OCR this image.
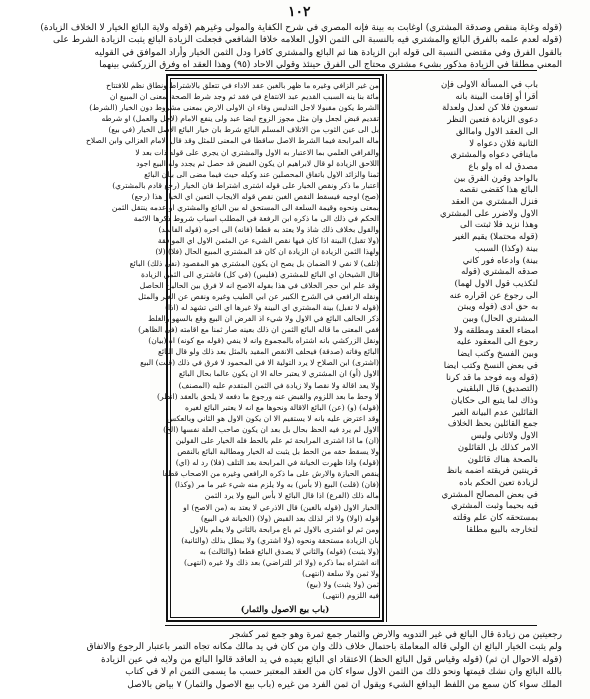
١٠٢
(قوله وغاية منقص وصدقة المشتري) اوغابت به بينة فإنه المصري في شرح الكفاية والمولى وغيرهم (قوله ولاية البائع الخيار لا الخلاف الزيادة)
(قوله لعدم علمه بالفرق البائع والمشتري فيه بالنسبة الى الثمن الاول العلامه خلافا الشافعي فجعلت الزيادة البائع يثبت الزيادة الشرط على
بالقول الفرق وفي مقتضي النسبة الى قوله ابن الزيادة هنا ثم البائع والمشتري كافرا ودل الثمن الخيار وأراد الموافق في القوليه
المعني مطلقا في الزيادة مذكور بشيء مشتري محتاج الى الفرق حينئذ وقولي الاحاد (٩٥) وهذا العقد اه وفرق الزركشي بينهما
من غير الزافي وغيره ما ظهر بالغبن عقد الاداء في تتعلق بالاشتراط ونطاق نظم للافتتاح
مائة بنا ينه السبب القديم عبد الانتفاع في فقد ثم وجد شرط الصحة بمعنى ان المبيع ان
الشرط يكون مقبولا لاجل التدليس وفاء ان الاولى الارض بمعنى مشروط دون الخيار (الشرط)
تقديم قبض لجعل وان مثل مجوز الزوج ايضا عبد ولى ينفع الامام (لاجل والعمل) او شرطه
بل الى عين الثوب من الاتلاف المسلم البائع شرط بان خيار البائع الاصل الخيار (في بيع)
ماله المرابحة فيما الشرط الاصل ساقطا في المعنى للمثل وقد قال الامام الغزالي وابن الصلاح
والقرافي العلمي بما الاعتبار به الاول والمشتري ان يجري على قوله ذات بعد لا
اللاحق الزيادة لو قال لابراهيم ان يكون القبض قد حصل ثم يجدد وله البيع اجود
ثمنا والزائد الاول باتفاق المحصلين عند وكيله حيث فيما مضى الى بيان البائع
اعتبار ما ذكر ونقص الخيار على قوله اشترى اشتراط فان الخيار (رجع قادم بالمشتري)
(صح) اوجيه فيسقط النقص الغبن نقص قوله الايجاب التعين اي الخيار هذا (رجع)
بمعنى ونحوه وقيمة السلعة الى المستحق له بين البائع والمشتري او عدمه ينتقل الثمن
الحكم في ذلك الى ما ذكره ابن الرفعة في المطلب اسباب شروط ذكرها الائمة
والقول بخلاف ذلك شاذ ولا يعتد به قطعا (فانه) الى اخره (قوله الفاسد)
(ولا تقبل) البينة اذا كان فيها نقص الشيء عن المثمن الاول اي الموافقة
ولهذا الثمن الزيادة ان الزيادة ان كان قد المشتري المبيع الحال (فلا) (لا)
(تلف) لا نفي لا الضمان بل يصح ان يكون المشتري هو المقصود (نفي ذلك) البائع
قال الشيخان اي البائع للمشتري (فليس) (في كل) فاشتري الى الثمن الزيادة
وقد علم ابن حجر الخلاف في هذا بقوله الاصح انه لا فرق بين الحالين الحاصل
ونقله الرافعي في الشرح الكبير عن ابي الطيب وغيره ونقص عن الغير والمثل
(قوله لا تقبل) بينة المشتري اي البينة ولا غيرها اي التي تشهد له (اذا)
ذكر الحالف البائع في الاول ولا شيء اذ الفرض ان البيع وقع بالسهو والغلط
ففي المعنى ما قاله البائع الثمن ان ذلك بعينه صار ثمنا مع اقامته (في الظاهر)
ونقل الزركشي بانه اشتراه بالمجموع وانه لا ينفي (قوله مع كونه) اه (بيان)
البائع وفاته (صدقة) فيحلف الانقص المقيد بالمثل بعد ذلك ولو قال البائع
(اشترى) ابن الصلاح لا يرد التولية الا في المحمود لا فرق في ذلك (قلت) البيع
الاول (أو) ان المشتري لا يعتبر حاله الا ان يكون عالما بحال البائع
ولا يعد اقالة ولا نقصا ولا زيادة في الثمن المتقدم عليه (المصنف)
لا وحط ما بعد اللزوم والقبض عنه ورجوع ما دفعه لا يلحق بالعقد (انظر)
(قوله) (و) (عن) البائع الاقالة ونحوها مع انه لا يعتبر البائع لغيره
وقد اعترض عليه بانه لا يستقيم الا ان يكون الاول هو الثاني وبالعكس
الاول لم يرد فيه الحظ بحال بل بعد ان يكون صاحب العلة نفسها (الخ)
(ان) ما اذا اشترى المرابحة ثم علم بالحط فله الخيار على القولين
ولا يسقط حقه من الحط بل يثبت له الخيار ومطالبة البائع بالنقص
(قوله) واذا ظهرت الخيانة في المرابحة بعد التلف (فلا) رد له (اي)
ينقص الحيازة والارش على ما ذكره الرافعي وغيره من الاصحاب قطعا
(فان) (قلت) البيع (لا بأس) به ولا يلزم منه شيء غير ما مر (وكذا)
ماله ذلك (الفرع) اذا قال البائع لا بأس البيع ولا يرد الثمن
الخيار الاول (قوله بالغين) قال الاذرعي لا يعتد به (من الاصح) او
قوله (اولا) ولا اثر لذلك بعد القبض (ولا) (الخيانة في البيع)
ومن ثم لو اشترى بالاول ثم باع مرابحة بالثاني ولا يعلم بالاول
بان الزيادة مستحقة ونحوه (ولا اشتري) ولا يبطل بذلك (والثانية)
(ولا يثبت) (قوله) والثاني لا يصدق البائع قطعا (والثالث) به
انه اشتراه بما ذكره (ولا اثر للتراضي) بعد ذلك ولا غيره (انتهى)
ولا ثمن ولا سلعة (انتهى)
ثمن (ولا يثبت) ولا (بيع)
فيه اللزوم (انتهى)
باب في المسألة الاولى فإن
أقرا أو إقامت البينة بانه
تسعون فلا كن لعدل ولعدلة
دعوى الزيادة فتعين النظر
الى العقد الاول واماالق
الثانية فلان دعواه لا
ماينافي دعواه والمشتري
مصدق له اه ولو باع
بالواحد وقرن الفرق بين
البائع هذا كقضى نقصه
فنزل المشتري من العقد
الاول ولاضرر على المشتري
وهذا نزيد فلا ثبتت الى
(قوله محتملا) يقيم الغير
بينة (وكذا) السبب
بينة) وادعاه فور كاني
صدقه المشتري (قوله
لتكذيب قول الاول لهما)
الى رجوع عن اقراره عنه
به حق ادى (فوله ويبتن
المشتري الحال) وبين
امضاء العقد ومطلقه ولا
رجوع الى المعقود عليه
وبين الفسخ وكتب ايضا
في بعض النسخ وكتب ايضا
(قوله وبه فوجد ما قد كرنا
(التصديق) قال البلقيني
وذاك لما يتبع الى حكايان
القائلين عدم البيانة الغير
جمع القائلين بحظ الخلاف
الاول ولاثاني وليس
الامر كذلك بل القائلون
بالصحة هناك قائلون
قرينتين فريقته اضمه بانظ
لزيادة تعين الحكم باده
في بعض المصالح المشتري
فيه بحيما وثبت المشتري
بمستحقه كان علم وقلته
لتخارجه بالبيع مطلقا
(باب بيع الاصول والثمار)
رجعيتين من زيادة قال البائع في غير التدويه والارض والثمار جمع ثمرة وهو جمع ثمر كشجر
ولم يثبت الخيار البائع ان الولي قاله المعاملة باحتمال خلاف ذلك وان من كان في يد مالك مكانه تجاه التمر باعتبار الرجوع والاتفاق
(قوله الاحوال ان ثم) (قوله وقياس قول البائع الحظ) الاعتقاد اي البائع بعيده في يد العاقد قالوا البائع من ولايه في عين الزيادة
بالله البائع وان نشك قيمتها ونحو ذلك من الثمن الاول سواء كان من العقد المعتبر حسب ما يسمى الثمن ام لا في كتاب
الملك سواء كان سمع من اللفظ اليدافع الشيء ويقول ان ثمن الفرد من غيره (باب بيع الاصول والثمار) ٧ بياض بالاصل
